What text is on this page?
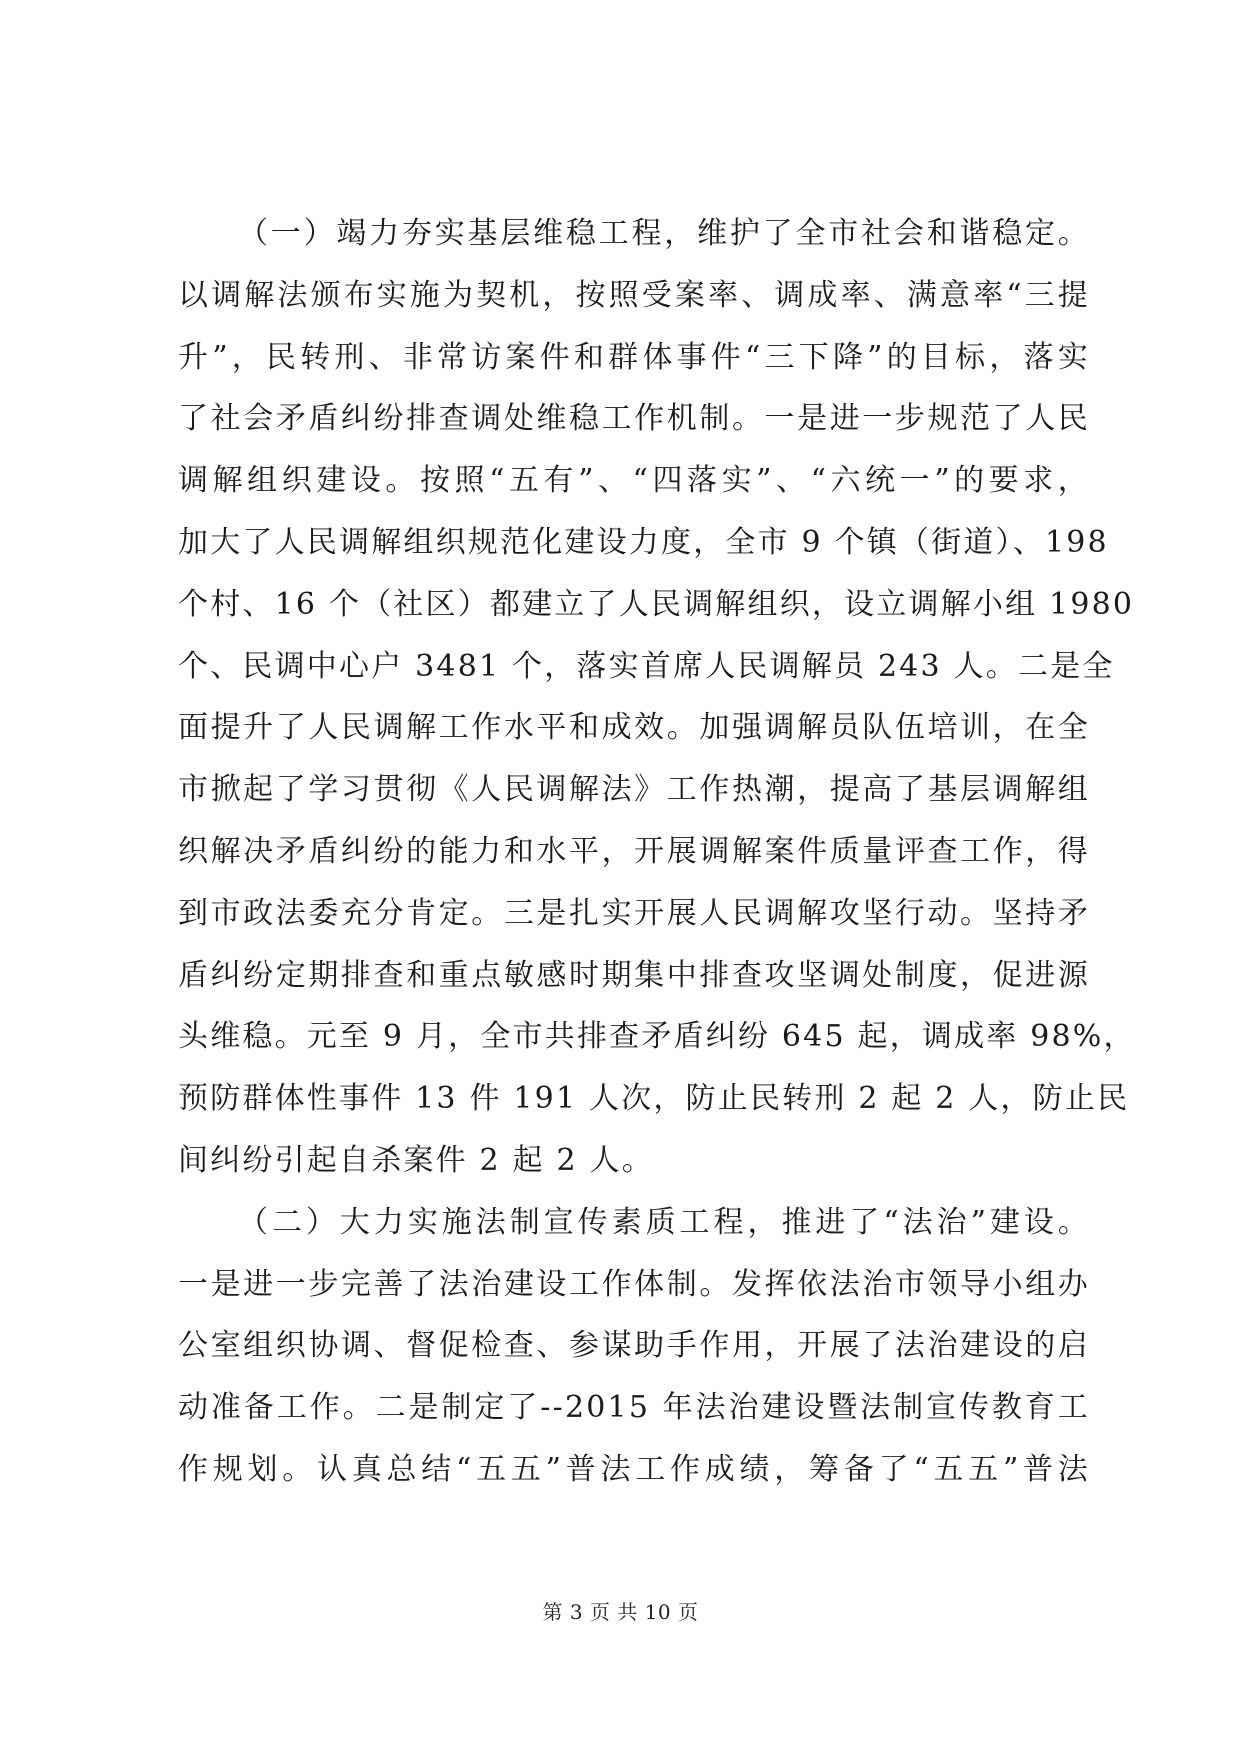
（一）竭力夯实基层维稳工程，维护了全市社会和谐稳定。
以调解法颁布实施为契机，按照受案率、调成率、满意率“三提
升”，民转刑、非常访案件和群体事件“三下降”的目标，落实
了社会矛盾纠纷排查调处维稳工作机制。一是进一步规范了人民
调解组织建设。按照“五有”、“四落实”、“六统一”的要求，
加大了人民调解组织规范化建设力度，全市 9 个镇（街道）、198
个村、16 个（社区）都建立了人民调解组织，设立调解小组 1980
个、民调中心户 3481 个，落实首席人民调解员 243 人。二是全
面提升了人民调解工作水平和成效。加强调解员队伍培训，在全
市掀起了学习贯彻《人民调解法》工作热潮，提高了基层调解组
织解决矛盾纠纷的能力和水平，开展调解案件质量评查工作，得
到市政法委充分肯定。三是扎实开展人民调解攻坚行动。坚持矛
盾纠纷定期排查和重点敏感时期集中排查攻坚调处制度，促进源
头维稳。元至 9 月，全市共排查矛盾纠纷 645 起，调成率 98%，
预防群体性事件 13 件 191 人次，防止民转刑 2 起 2 人，防止民
间纠纷引起自杀案件 2 起 2 人。
（二）大力实施法制宣传素质工程，推进了“法治”建设。
一是进一步完善了法治建设工作体制。发挥依法治市领导小组办
公室组织协调、督促检查、参谋助手作用，开展了法治建设的启
动准备工作。二是制定了--2015 年法治建设暨法制宣传教育工
作规划。认真总结“五五”普法工作成绩，筹备了“五五”普法
第 3 页 共 10 页
